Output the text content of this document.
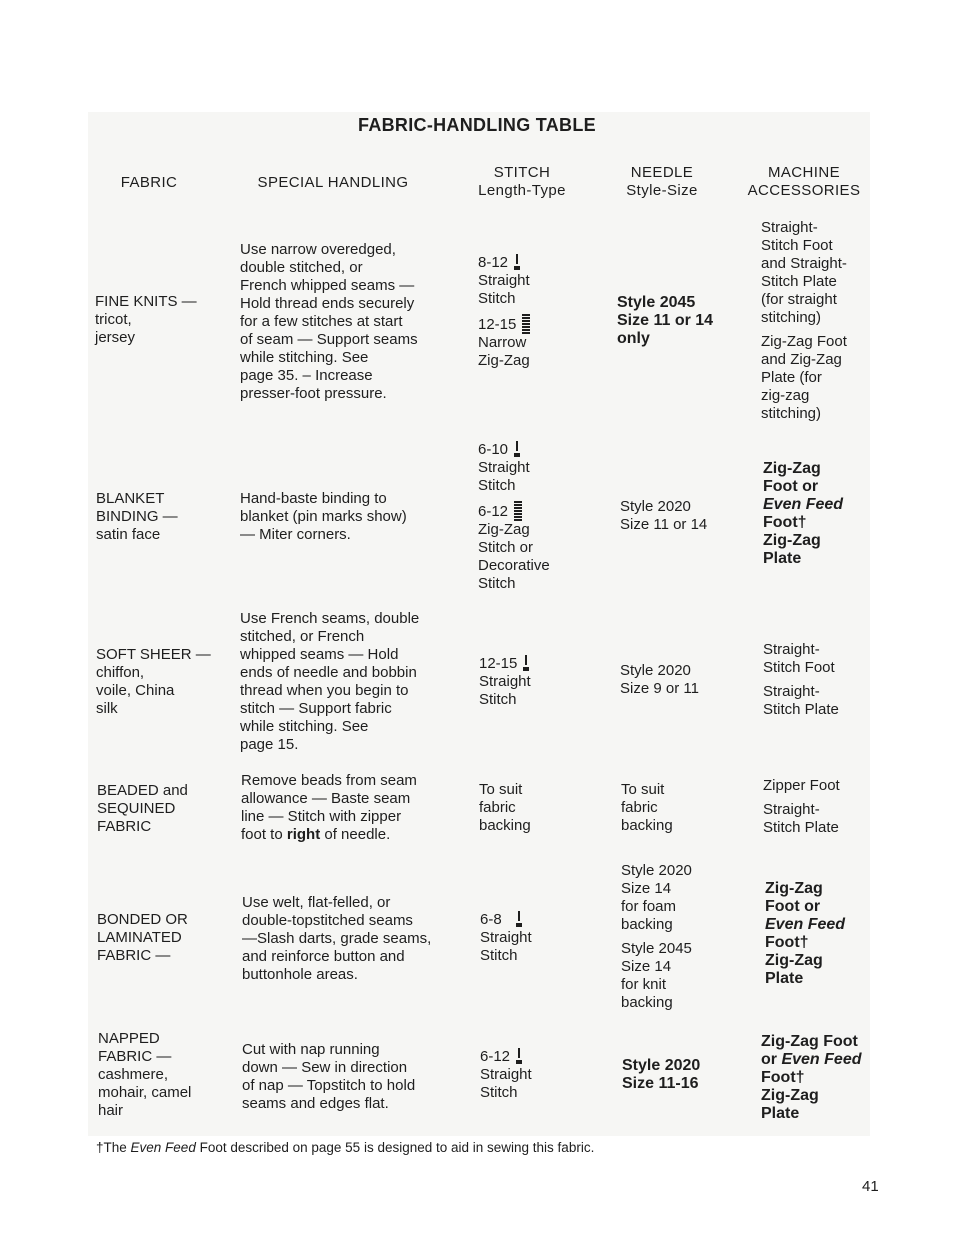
FABRIC-HANDLING TABLE
FABRIC	SPECIAL HANDLING
STITCH
Length-Type
NEEDLE
Style-Size
MACHINE
ACCESSORIES
FINE KNITS —
tricot,
jersey
Use narrow overedged,
double stitched, or
French whipped seams —
Hold thread ends securely
for a few stitches at start
of seam — Support seams
while stitching. See
page 35. – Increase
presser-foot pressure.
8-12
Straight
Stitch
12-15
Narrow
Zig-Zag
Style 2045
Size 11 or 14
only
Straight-
Stitch Foot
and Straight-
Stitch Plate
(for straight
stitching)
Zig-Zag Foot
and Zig-Zag
Plate (for
zig-zag
stitching)
BLANKET
BINDING —
satin face
Hand-baste binding to
blanket (pin marks show)
— Miter corners.
6-10
Straight
Stitch
6-12
Zig-Zag
Stitch or
Decorative
Stitch
Style 2020
Size 11 or 14
Zig-Zag
Foot or
Even Feed
Foot†
Zig-Zag
Plate
SOFT SHEER —
chiffon,
voile, China
silk
Use French seams, double
stitched, or French
whipped seams — Hold
ends of needle and bobbin
thread when you begin to
stitch — Support fabric
while stitching. See
page 15.
12-15
Straight
Stitch
Style 2020
Size 9 or 11
Straight-
Stitch Foot
Straight-
Stitch Plate
BEADED and
SEQUINED
FABRIC
Remove beads from seam
allowance — Baste seam
line — Stitch with zipper
foot to right of needle.
To suit
fabric
backing
To suit
fabric
backing
Zipper Foot
Straight-
Stitch Plate
BONDED OR
LAMINATED
FABRIC —
Use welt, flat-felled, or
double-topstitched seams
—Slash darts, grade seams,
and reinforce button and
buttonhole areas.
6-8
Straight
Stitch
Style 2020
Size 14
for foam
backing
Style 2045
Size 14
for knit
backing
Zig-Zag
Foot or
Even Feed
Foot†
Zig-Zag
Plate
NAPPED
FABRIC —
cashmere,
mohair, camel
hair
Cut with nap running
down — Sew in direction
of nap — Topstitch to hold
seams and edges flat.
6-12
Straight
Stitch
Style 2020
Size 11-16
Zig-Zag Foot
or Even Feed
Foot†
Zig-Zag
Plate
†The Even Feed Foot described on page 55 is designed to aid in sewing this fabric.
41
